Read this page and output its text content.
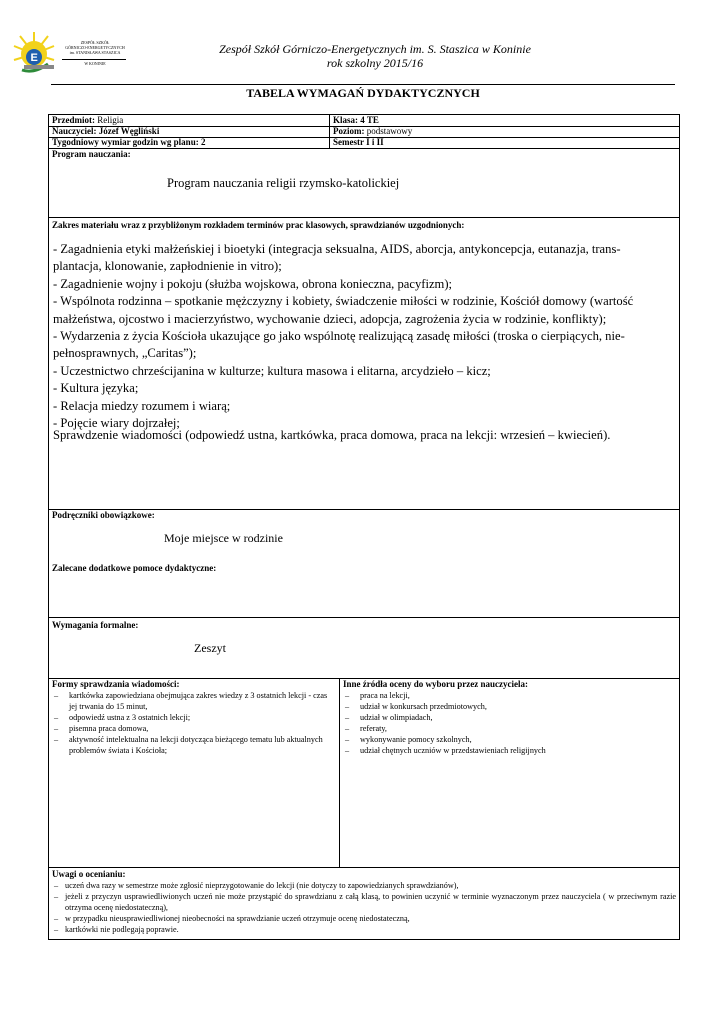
E
ZESPÓŁ SZKÓŁ
GÓRNICZO-ENERGETYCZNYCH
im. STANISŁAWA STASZICA
W KONINIE
Zespół Szkół Górniczo-Energetycznych im. S. Staszica w Koninie
rok szkolny 2015/16
TABELA WYMAGAŃ DYDAKTYCZNYCH
Przedmiot: Religia	Klasa: 4 TE
Nauczyciel: Józef Węgliński	Poziom: podstawowy
Tygodniowy wymiar godzin wg planu: 2	Semestr I i II
Program nauczania:
Program nauczania religii rzymsko-katolickiej
Zakres materiału wraz z przybliżonym rozkładem terminów prac klasowych, sprawdzianów uzgodnionych:
- Zagadnienia etyki małżeńskiej i bioetyki (integracja seksualna, AIDS, aborcja, antykoncepcja, eutanazja, trans-
plantacja, klonowanie, zapłodnienie in vitro);
- Zagadnienie wojny i pokoju (służba wojskowa, obrona konieczna, pacyfizm);
- Wspólnota rodzinna – spotkanie mężczyzny i kobiety, świadczenie miłości w rodzinie, Kościół domowy (wartość
małżeństwa, ojcostwo i macierzyństwo, wychowanie dzieci, adopcja, zagrożenia życia w rodzinie, konflikty);
- Wydarzenia z życia Kościoła ukazujące go jako wspólnotę realizującą zasadę miłości (troska o cierpiących, nie-
pełnosprawnych, „Caritas”);
- Uczestnictwo chrześcijanina w kulturze; kultura masowa i elitarna, arcydzieło – kicz;
- Kultura języka;
- Relacja miedzy rozumem i wiarą;
- Pojęcie wiary dojrzałej;
Sprawdzenie wiadomości (odpowiedź ustna, kartkówka, praca domowa, praca na lekcji: wrzesień – kwiecień).
Podręczniki obowiązkowe:
Moje miejsce w rodzinie
Zalecane dodatkowe pomoce dydaktyczne:
Wymagania formalne:
Zeszyt
Formy sprawdzania wiadomości:
– kartkówka zapowiedziana obejmująca zakres wiedzy z 3 ostatnich lekcji - czas jej trwania do 15 minut,
– odpowiedź ustna z 3 ostatnich lekcji;
– pisemna praca domowa,
– aktywność intelektualna na lekcji dotycząca bieżącego tematu lub aktualnych problemów świata i Kościoła;
Inne źródła oceny do wyboru przez nauczyciela:
– praca na lekcji,
– udział w konkursach przedmiotowych,
– udział w olimpiadach,
– referaty,
– wykonywanie pomocy szkolnych,
– udział chętnych uczniów w przedstawieniach religijnych
Uwagi o ocenianiu:
– uczeń dwa razy w semestrze może zgłosić nieprzygotowanie do lekcji (nie dotyczy to zapowiedzianych sprawdzianów),
– jeżeli z przyczyn usprawiedliwionych uczeń nie może przystąpić do sprawdzianu z całą klasą, to powinien uczynić w terminie wyznaczonym przez nauczyciela ( w przeciwnym razie otrzyma ocenę niedostateczną),
– w przypadku nieusprawiedliwionej nieobecności na sprawdzianie uczeń otrzymuje ocenę niedostateczną,
– kartkówki nie podlegają poprawie.
